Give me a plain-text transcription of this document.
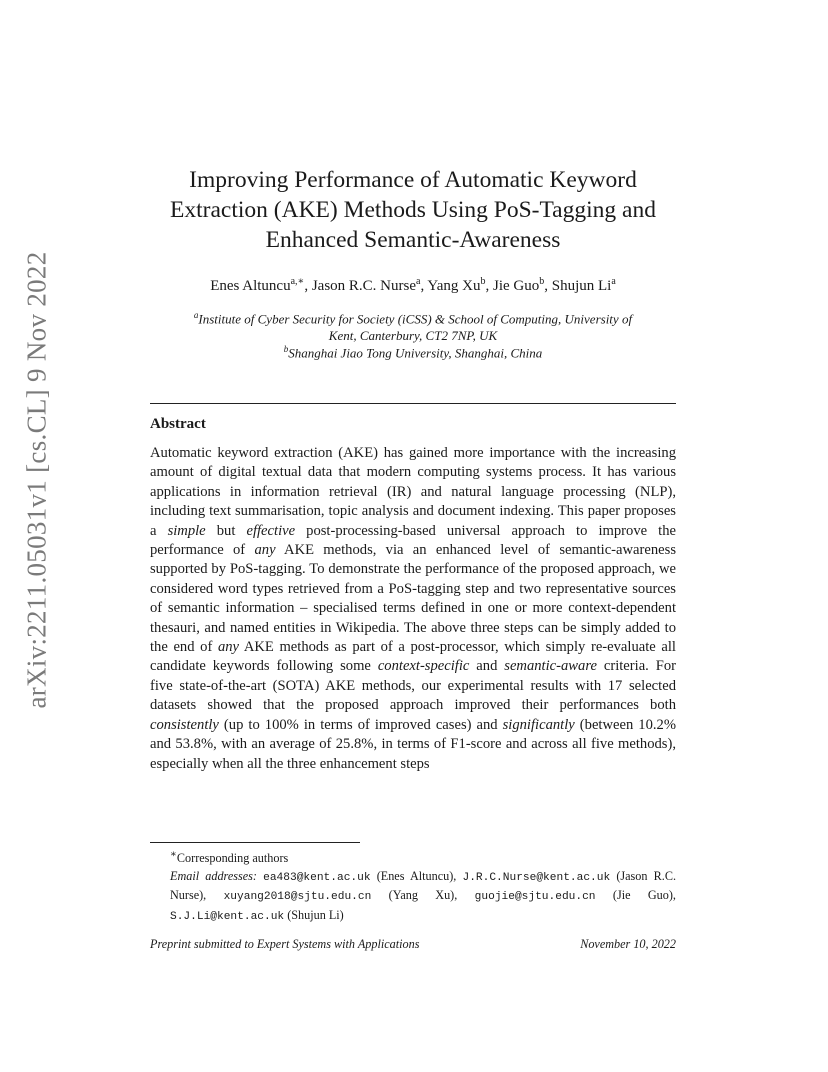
arXiv:2211.05031v1 [cs.CL] 9 Nov 2022
Improving Performance of Automatic Keyword
Extraction (AKE) Methods Using PoS-Tagging and
Enhanced Semantic-Awareness
Enes Altuncu$^{a,∗}$, Jason R.C. Nurse$^a$, Yang Xu$^b$, Jie Guo$^b$, Shujun Li$^a$
$^a$Institute of Cyber Security for Society (iCSS) & School of Computing, University of
Kent, Canterbury, CT2 7NP, UK
$^b$Shanghai Jiao Tong University, Shanghai, China
Abstract

Automatic keyword extraction (AKE) has gained more importance with the increasing amount of digital textual data that modern computing systems process. It has various applications in information retrieval (IR) and natural language processing (NLP), including text summarisation, topic analysis and document indexing. This paper proposes a simple but effective post-processing-based universal approach to improve the performance of any AKE methods, via an enhanced level of semantic-awareness supported by PoS-tagging. To demonstrate the performance of the proposed approach, we considered word types retrieved from a PoS-tagging step and two representative sources of semantic information – specialised terms defined in one or more context-dependent thesauri, and named entities in Wikipedia. The above three steps can be simply added to the end of any AKE methods as part of a post-processor, which simply re-evaluate all candidate keywords following some context-specific and semantic-aware criteria. For five state-of-the-art (SOTA) AKE methods, our experimental results with 17 selected datasets showed that the proposed approach improved their performances both consistently (up to 100% in terms of improved cases) and significantly (between 10.2% and 53.8%, with an average of 25.8%, in terms of F1-score and across all five methods), especially when all the three enhancement steps

∗Corresponding authors
Email addresses: ea483@kent.ac.uk (Enes Altuncu), J.R.C.Nurse@kent.ac.uk (Jason R.C. Nurse), xuyang2018@sjtu.edu.cn (Yang Xu), guojie@sjtu.edu.cn (Jie Guo), S.J.Li@kent.ac.uk (Shujun Li)
Preprint submitted to Expert Systems with Applications	November 10, 2022
